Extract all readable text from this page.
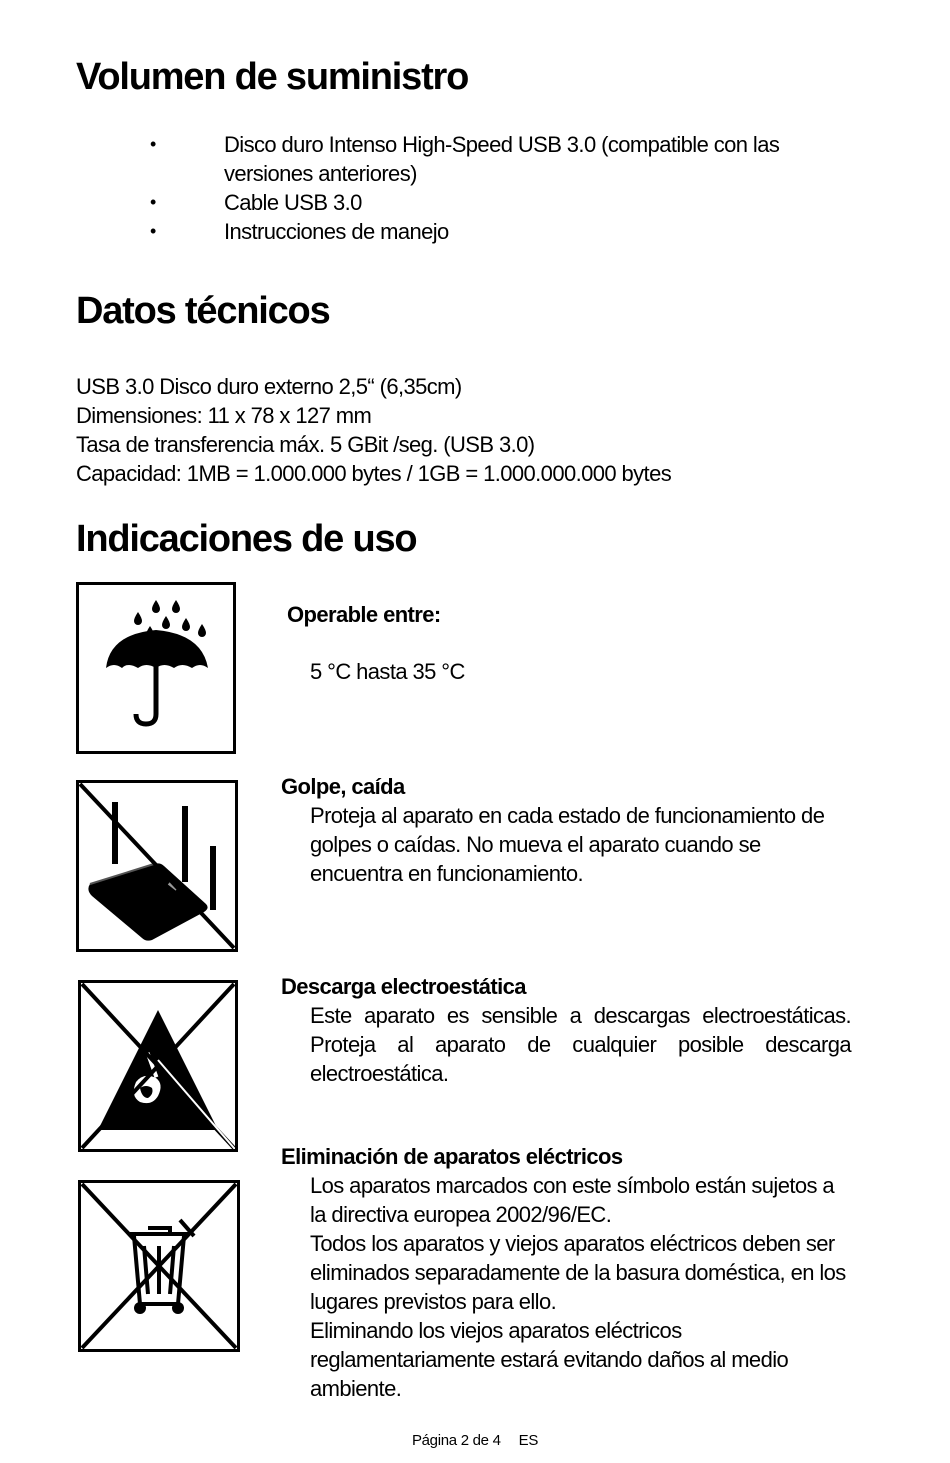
Volumen de suministro
•	Disco duro Intenso High-Speed USB 3.0 (compatible con las versiones anteriores)
•	Cable USB 3.0
•	Instrucciones de manejo
Datos técnicos
USB 3.0 Disco duro externo 2,5“ (6,35cm)
Dimensiones: 11 x 78 x 127 mm
Tasa de transferencia máx. 5 GBit /seg. (USB 3.0)
Capacidad: 1MB = 1.000.000 bytes / 1GB = 1.000.000.000 bytes
Indicaciones de uso
Operable entre:
5 °C hasta 35 °C
Golpe, caída
Proteja al aparato en cada estado de funcionamiento de golpes o caídas. No mueva el aparato cuando se encuentra en funcionamiento.
Descarga electroestática
Este aparato es sensible a descargas electroestáticas. Proteja al aparato de cualquier posible descarga electroestática.
Eliminación de aparatos eléctricos
Los aparatos marcados con este símbolo están sujetos a la directiva europea 2002/96/EC.
Todos los aparatos y viejos aparatos eléctricos deben ser eliminados separadamente de la basura doméstica, en los lugares previstos para ello.
Eliminando los viejos aparatos eléctricos reglamentariamente estará evitando daños al medio ambiente.
Página 2 de 4 ES
